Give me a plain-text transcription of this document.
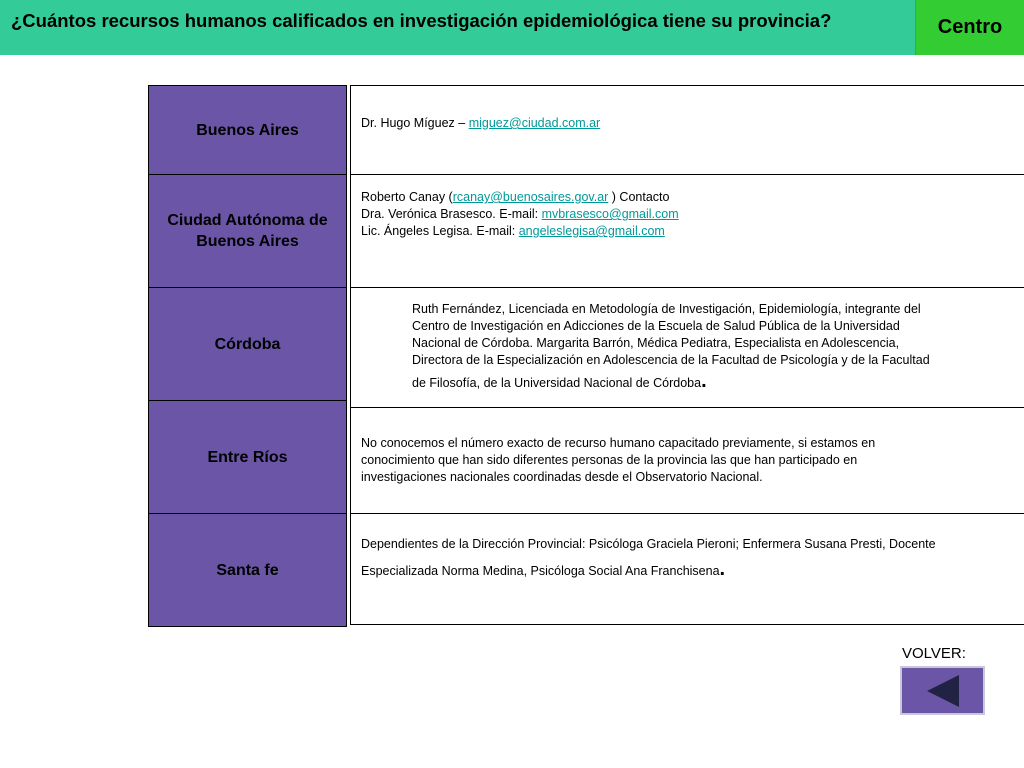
¿Cuántos recursos humanos calificados en investigación epidemiológica tiene su provincia?	Centro
Buenos Aires
Ciudad Autónoma de
Buenos Aires
Córdoba
Entre Ríos
Santa fe
Dr. Hugo Míguez – miguez@ciudad.com.ar
Roberto Canay (rcanay@buenosaires.gov.ar ) Contacto
Dra. Verónica Brasesco. E-mail: mvbrasesco@gmail.com
Lic. Ángeles Legisa. E-mail: angeleslegisa@gmail.com
Ruth Fernández, Licenciada en Metodología de Investigación, Epidemiología, integrante del
Centro de Investigación en Adicciones de la Escuela de Salud Pública de la Universidad
Nacional de Córdoba. Margarita Barrón, Médica Pediatra, Especialista en Adolescencia,
Directora de la Especialización en Adolescencia de la Facultad de Psicología y de la Facultad
de Filosofía, de la Universidad Nacional de Córdoba.
No conocemos el número exacto de recurso humano capacitado previamente, si estamos en
conocimiento que han sido diferentes personas de la provincia las que han participado en
investigaciones nacionales coordinadas desde el Observatorio Nacional.
Dependientes de la Dirección Provincial: Psicóloga Graciela Pieroni; Enfermera Susana Presti, Docente
Especializada Norma Medina, Psicóloga Social Ana Franchisena.
VOLVER:
